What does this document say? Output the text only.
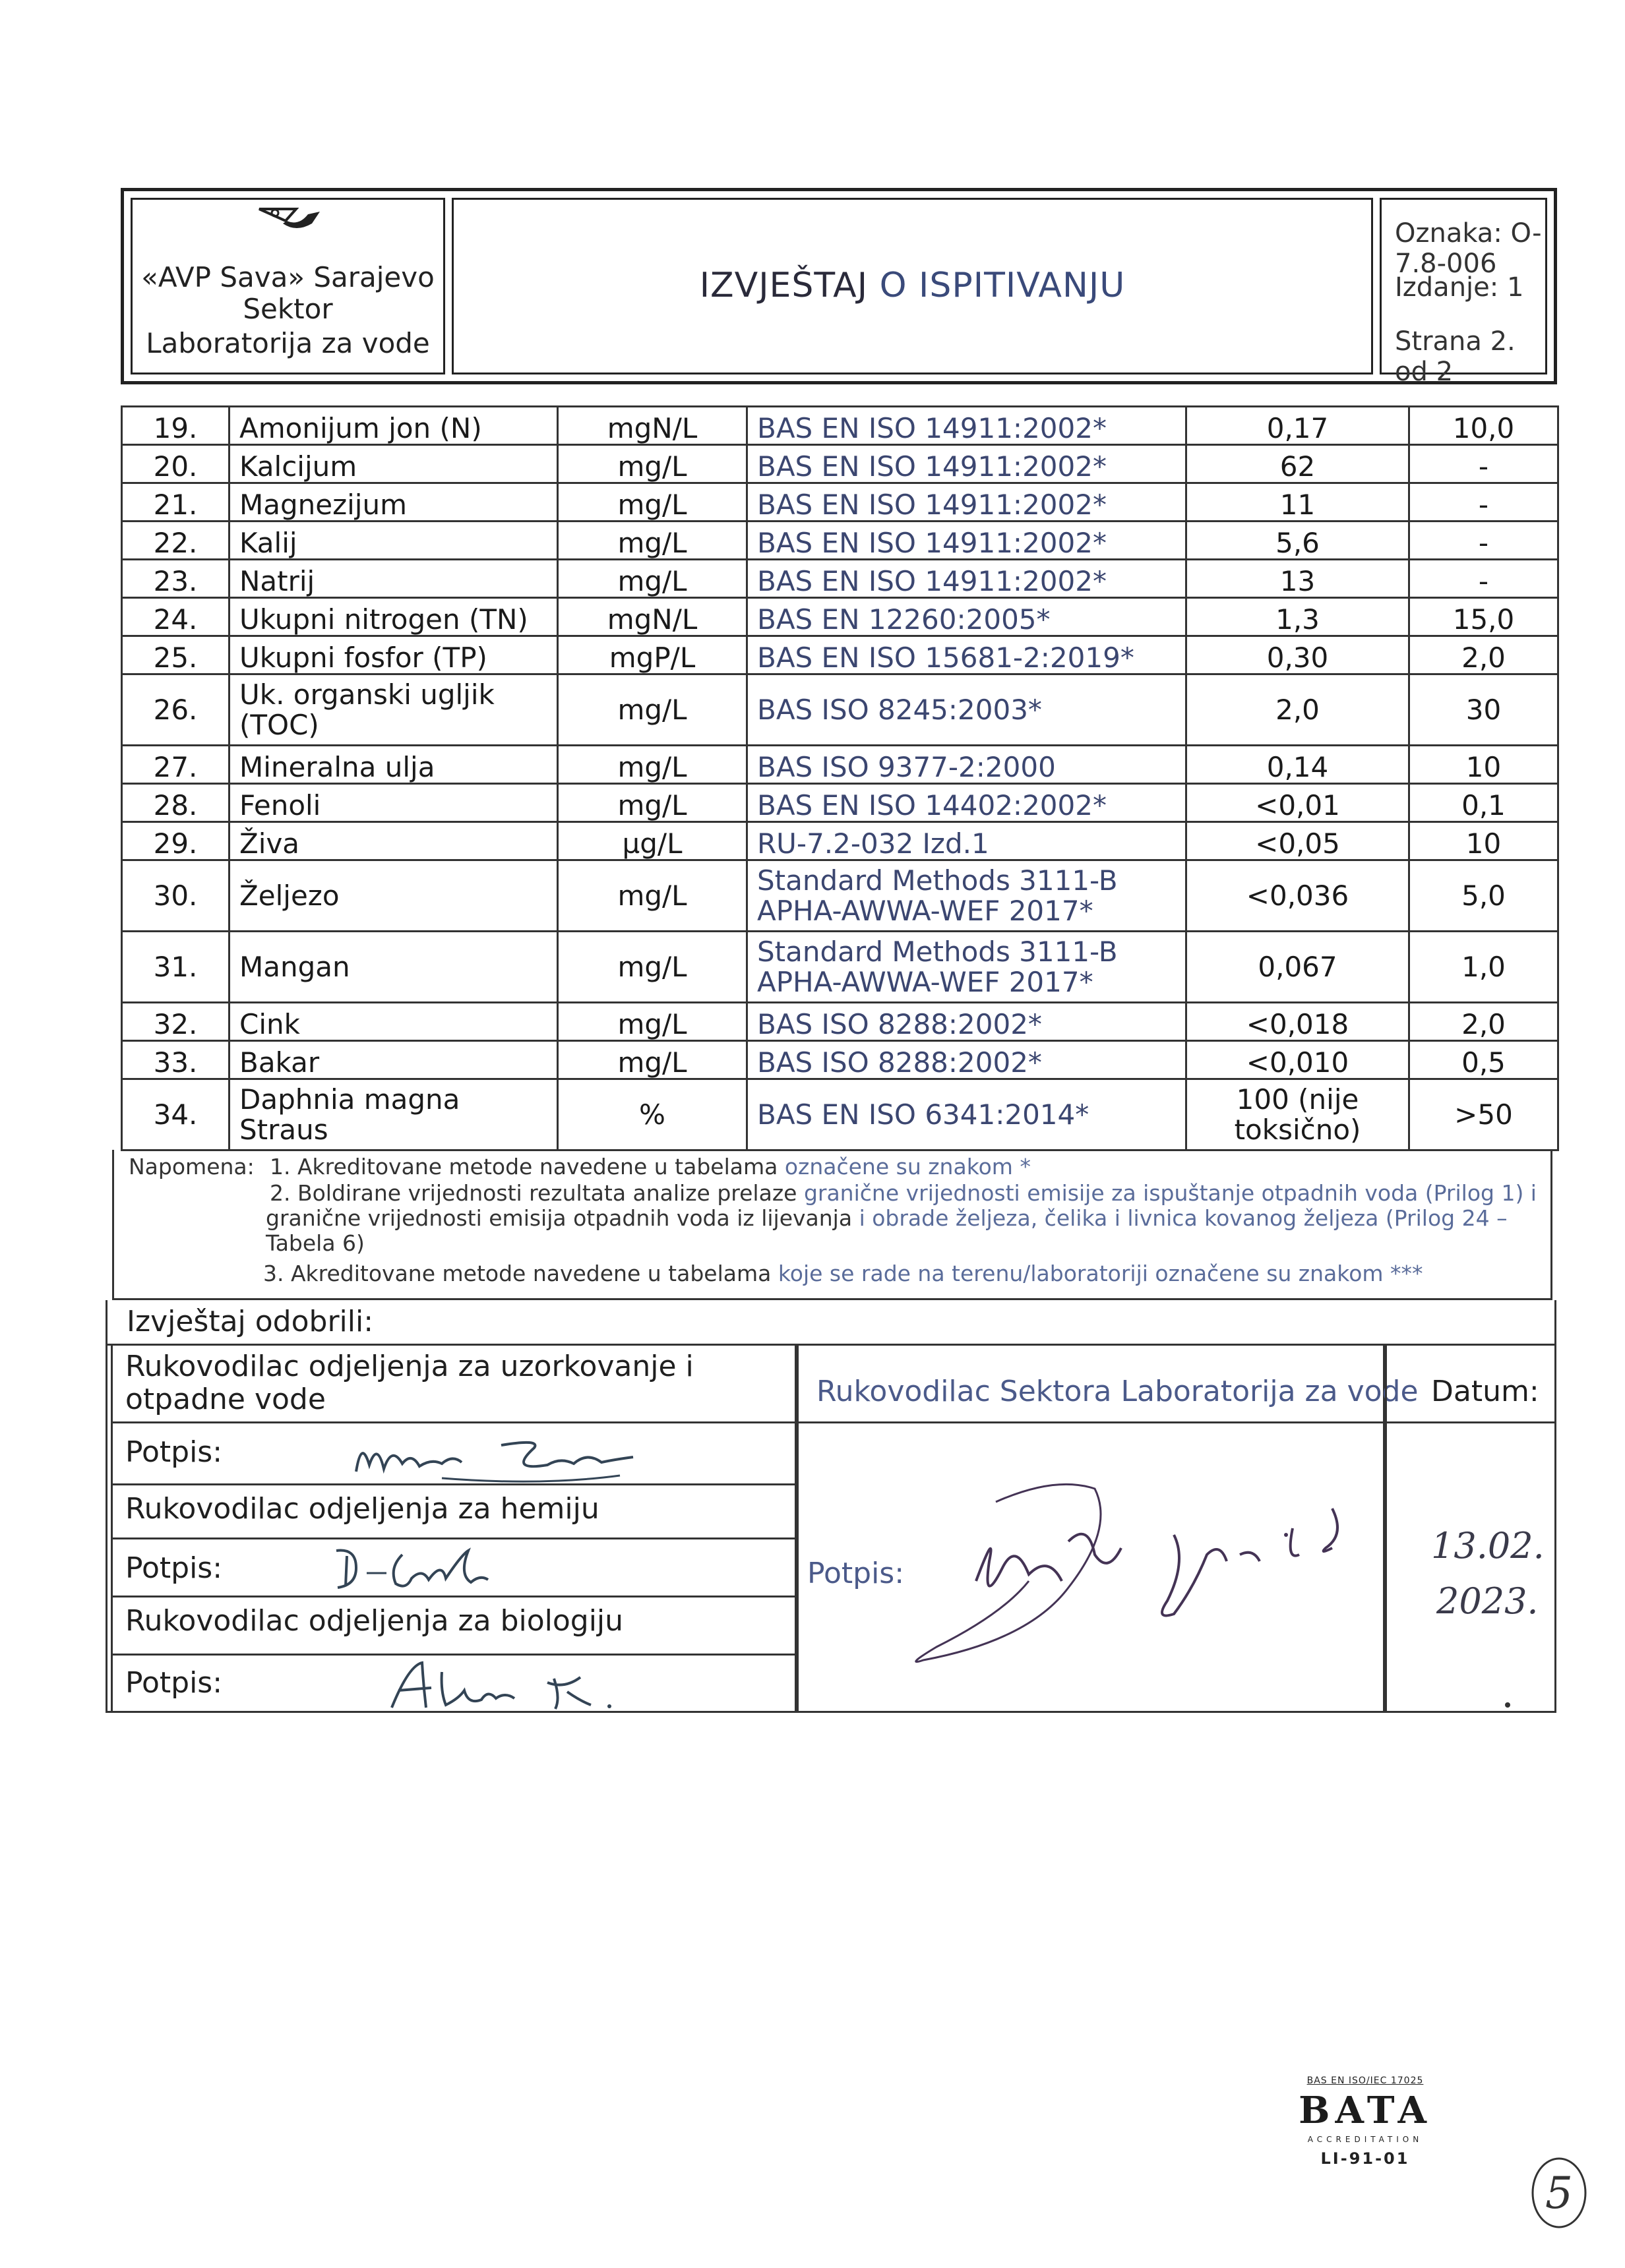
«AVP Sava» Sarajevo
Sektor
Laboratorija za vode
IZVJEŠTAJ O ISPITIVANJU
Oznaka: O-7.8-006
Izdanje: 1
Strana 2. od 2
19.	Amonijum jon (N)	mgN/L	BAS EN ISO 14911:2002*	0,17	10,0
20.	Kalcijum	mg/L	BAS EN ISO 14911:2002*	62	-
21.	Magnezijum	mg/L	BAS EN ISO 14911:2002*	11	-
22.	Kalij	mg/L	BAS EN ISO 14911:2002*	5,6	-
23.	Natrij	mg/L	BAS EN ISO 14911:2002*	13	-
24.	Ukupni nitrogen (TN)	mgN/L	BAS EN 12260:2005*	1,3	15,0
25.	Ukupni fosfor (TP)	mgP/L	BAS EN ISO 15681-2:2019*	0,30	2,0
26.	Uk. organski ugljik (TOC)	mg/L	BAS ISO 8245:2003*	2,0	30
27.	Mineralna ulja	mg/L	BAS ISO 9377-2:2000	0,14	10
28.	Fenoli	mg/L	BAS EN ISO 14402:2002*	<0,01	0,1
29.	Živa	µg/L	RU-7.2-032 Izd.1	<0,05	10
30.	Željezo	mg/L	Standard Methods 3111-B APHA-AWWA-WEF 2017*	<0,036	5,0
31.	Mangan	mg/L	Standard Methods 3111-B APHA-AWWA-WEF 2017*	0,067	1,0
32.	Cink	mg/L	BAS ISO 8288:2002*	<0,018	2,0
33.	Bakar	mg/L	BAS ISO 8288:2002*	<0,010	0,5
34.	Daphnia magna Straus	%	BAS EN ISO 6341:2014*	100 (nije toksično)	>50
Napomena: 1. Akreditovane metode navedene u tabelama označene su znakom *
2. Boldirane vrijednosti rezultata analize prelaze granične vrijednosti emisije za ispuštanje otpadnih voda (Prilog 1) i
granične vrijednosti emisija otpadnih voda iz lijevanja i obrade željeza, čelika i livnica kovanog željeza (Prilog 24 –
Tabela 6)
3. Akreditovane metode navedene u tabelama koje se rade na terenu/laboratoriji označene su znakom ***
Izvještaj odobrili:
Rukovodilac odjeljenja za uzorkovanje i otpadne vode
Potpis:
Rukovodilac odjeljenja za hemiju
Potpis:
Rukovodilac odjeljenja za biologiju
Potpis:
Rukovodilac Sektora Laboratorija za vode
Potpis:
Datum:
13.02.
2023.
BAS EN ISO/IEC 17025
BATA
ACCREDITATION
LI-91-01
5
